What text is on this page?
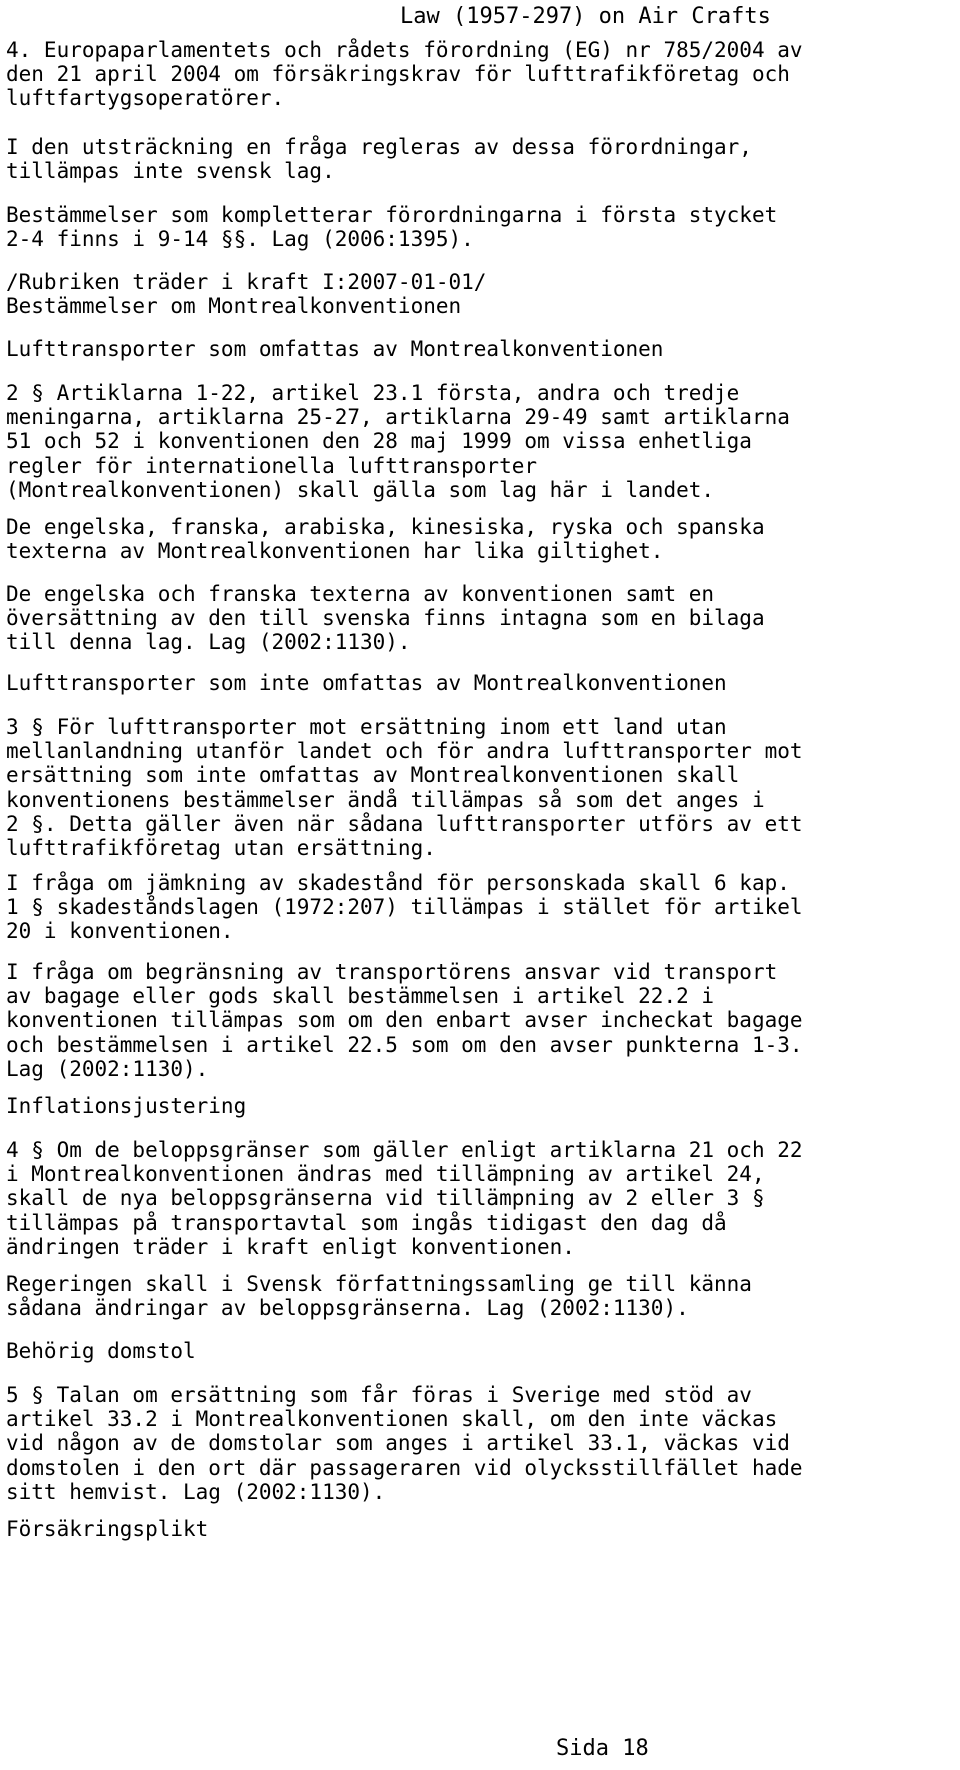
Law (1957-297) on Air Crafts
4. Europaparlamentets och rådets förordning (EG) nr 785/2004 av
den 21 april 2004 om försäkringskrav för lufttrafikföretag och
luftfartygsoperatörer.
I den utsträckning en fråga regleras av dessa förordningar,
tillämpas inte svensk lag.
Bestämmelser som kompletterar förordningarna i första stycket
2-4 finns i 9-14 §§. Lag (2006:1395).
/Rubriken träder i kraft I:2007-01-01/
Bestämmelser om Montrealkonventionen
Lufttransporter som omfattas av Montrealkonventionen
2 § Artiklarna 1-22, artikel 23.1 första, andra och tredje
meningarna, artiklarna 25-27, artiklarna 29-49 samt artiklarna
51 och 52 i konventionen den 28 maj 1999 om vissa enhetliga
regler för internationella lufttransporter
(Montrealkonventionen) skall gälla som lag här i landet.
De engelska, franska, arabiska, kinesiska, ryska och spanska
texterna av Montrealkonventionen har lika giltighet.
De engelska och franska texterna av konventionen samt en
översättning av den till svenska finns intagna som en bilaga
till denna lag. Lag (2002:1130).
Lufttransporter som inte omfattas av Montrealkonventionen
3 § För lufttransporter mot ersättning inom ett land utan
mellanlandning utanför landet och för andra lufttransporter mot
ersättning som inte omfattas av Montrealkonventionen skall
konventionens bestämmelser ändå tillämpas så som det anges i
2 §. Detta gäller även när sådana lufttransporter utförs av ett
lufttrafikföretag utan ersättning.
I fråga om jämkning av skadestånd för personskada skall 6 kap.
1 § skadeståndslagen (1972:207) tillämpas i stället för artikel
20 i konventionen.
I fråga om begränsning av transportörens ansvar vid transport
av bagage eller gods skall bestämmelsen i artikel 22.2 i
konventionen tillämpas som om den enbart avser incheckat bagage
och bestämmelsen i artikel 22.5 som om den avser punkterna 1-3.
Lag (2002:1130).
Inflationsjustering
4 § Om de beloppsgränser som gäller enligt artiklarna 21 och 22
i Montrealkonventionen ändras med tillämpning av artikel 24,
skall de nya beloppsgränserna vid tillämpning av 2 eller 3 §
tillämpas på transportavtal som ingås tidigast den dag då
ändringen träder i kraft enligt konventionen.
Regeringen skall i Svensk författningssamling ge till känna
sådana ändringar av beloppsgränserna. Lag (2002:1130).
Behörig domstol
5 § Talan om ersättning som får föras i Sverige med stöd av
artikel 33.2 i Montrealkonventionen skall, om den inte väckas
vid någon av de domstolar som anges i artikel 33.1, väckas vid
domstolen i den ort där passageraren vid olycksstillfället hade
sitt hemvist. Lag (2002:1130).
Försäkringsplikt
Sida 18
